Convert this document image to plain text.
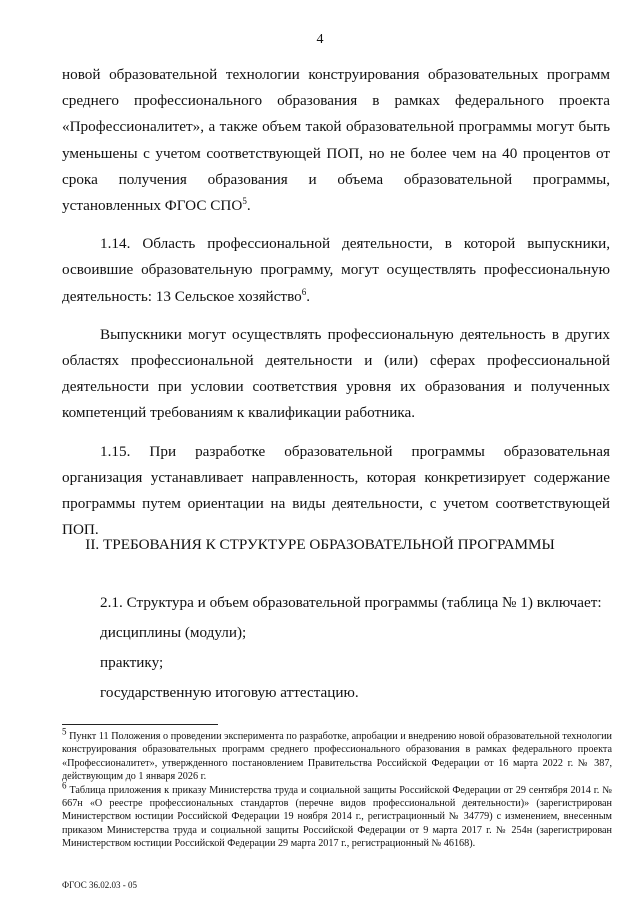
4

новой образовательной технологии конструирования образовательных программ среднего профессионального образования в рамках федерального проекта «Профессионалитет», а также объем такой образовательной программы могут быть уменьшены с учетом соответствующей ПОП, но не более чем на 40 процентов от срока получения образования и объема образовательной программы, установленных ФГОС СПО$^5$.

1.14. Область профессиональной деятельности, в которой выпускники, освоившие образовательную программу, могут осуществлять профессиональную деятельность: 13 Сельское хозяйство$^6$.

Выпускники могут осуществлять профессиональную деятельность в других областях профессиональной деятельности и (или) сферах профессиональной деятельности при условии соответствия уровня их образования и полученных компетенций требованиям к квалификации работника.

1.15. При разработке образовательной программы образовательная организация устанавливает направленность, которая конкретизирует содержание программы путем ориентации на виды деятельности, с учетом соответствующей ПОП.

II. ТРЕБОВАНИЯ К СТРУКТУРЕ ОБРАЗОВАТЕЛЬНОЙ ПРОГРАММЫ
2.1. Структура и объем образовательной программы (таблица № 1) включает:
дисциплины (модули);
практику;
государственную итоговую аттестацию.

$^5$ Пункт 11 Положения о проведении эксперимента по разработке, апробации и внедрению новой образовательной технологии конструирования образовательных программ среднего профессионального образования в рамках федерального проекта «Профессионалитет», утвержденного постановлением Правительства Российской Федерации от 16 марта 2022 г. № 387, действующим до 1 января 2026 г.

$^6$ Таблица приложения к приказу Министерства труда и социальной защиты Российской Федерации от 29 сентября 2014 г. № 667н «О реестре профессиональных стандартов (перечне видов профессиональной деятельности)» (зарегистрирован Министерством юстиции Российской Федерации 19 ноября 2014 г., регистрационный № 34779) с изменением, внесенным приказом Министерства труда и социальной защиты Российской Федерации от 9 марта 2017 г. № 254н (зарегистрирован Министерством юстиции Российской Федерации 29 марта 2017 г., регистрационный № 46168).

ФГОС 36.02.03 - 05
